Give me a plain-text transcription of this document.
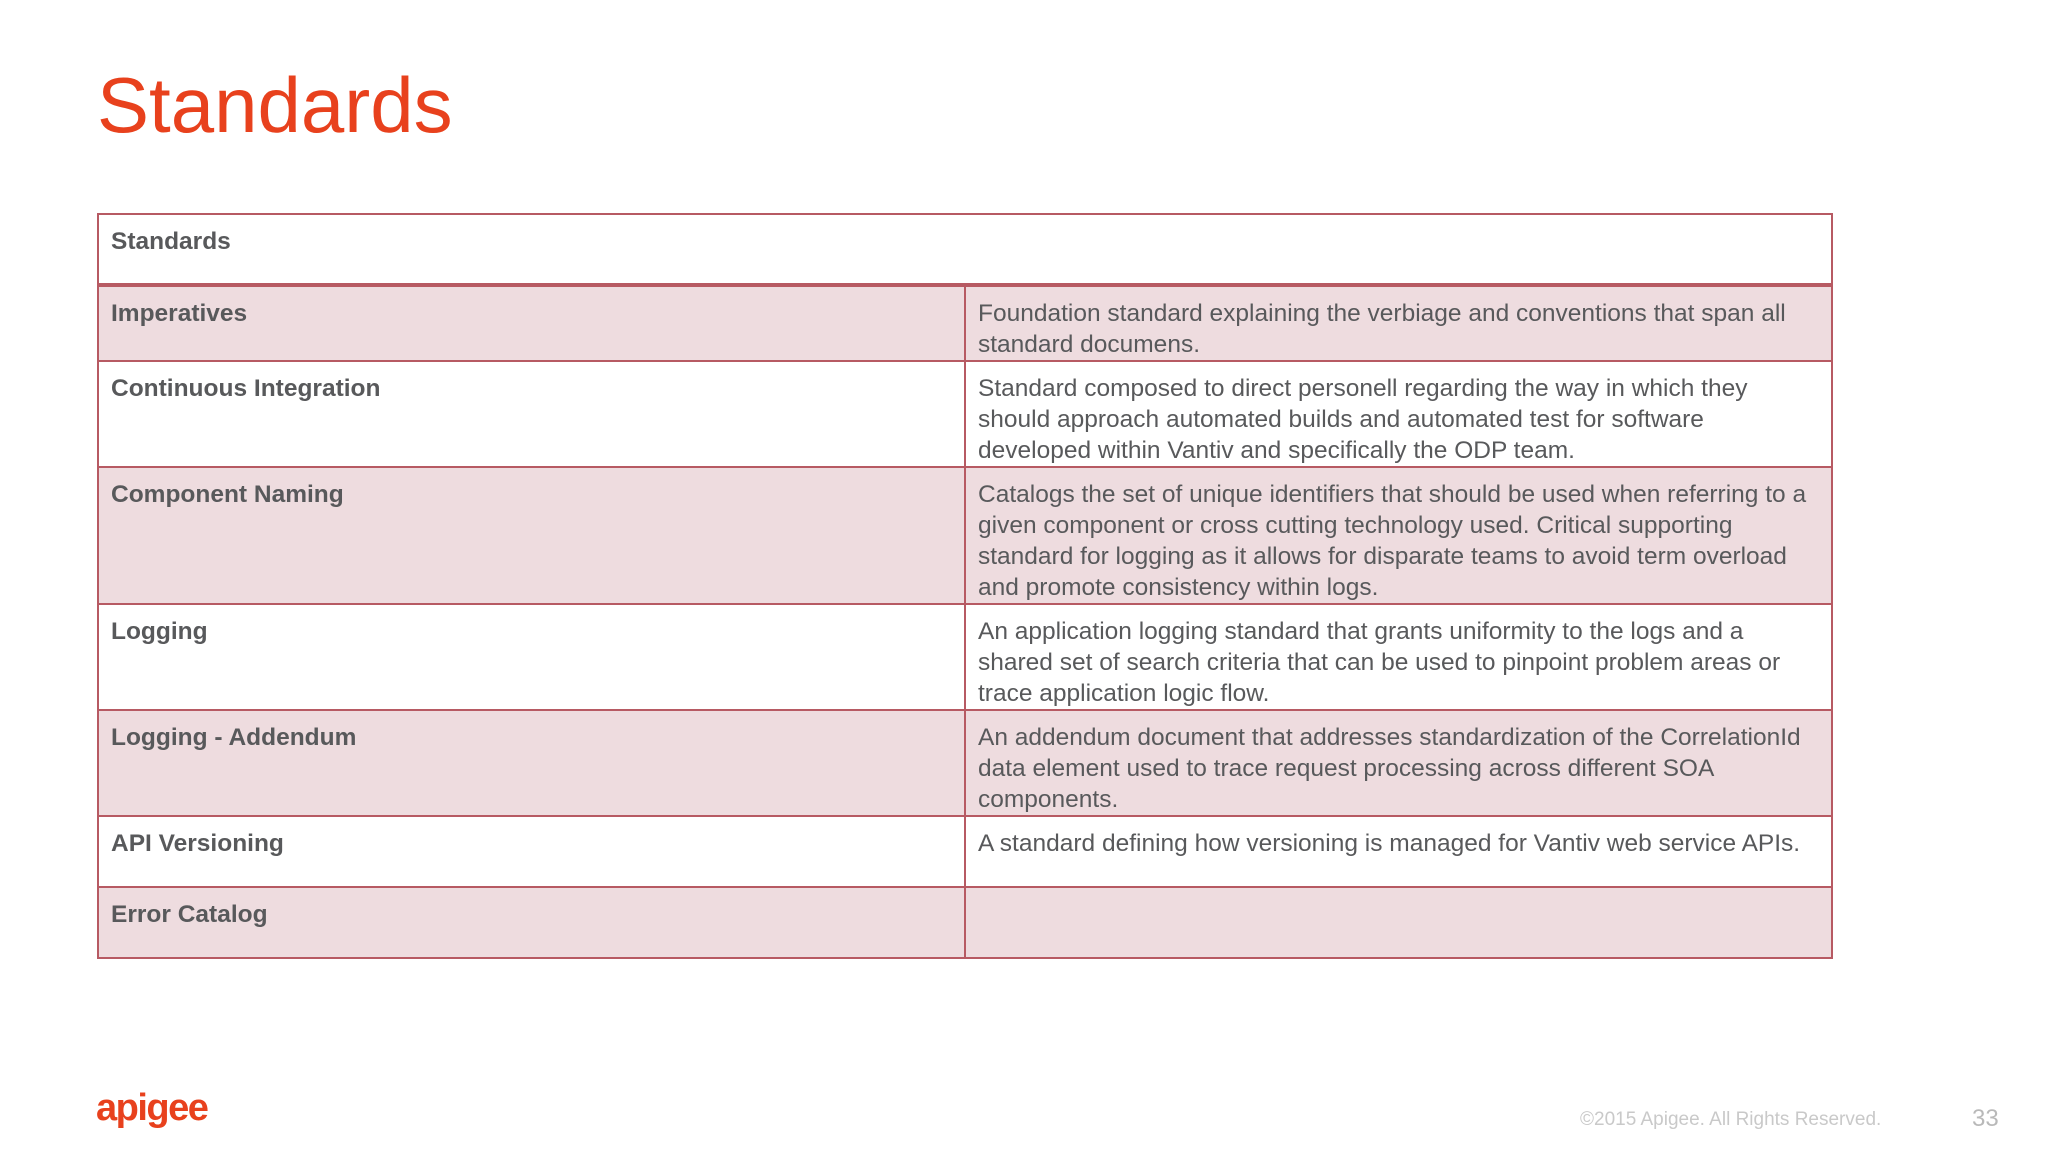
Standards
Standards	
Imperatives	Foundation standard explaining the verbiage and conventions that span all standard documens.
Continuous Integration	Standard composed to direct personell regarding the way in which they should approach automated builds and automated test for software developed within Vantiv and specifically the ODP team.
Component Naming	Catalogs the set of unique identifiers that should be used when referring to a given component or cross cutting technology used. Critical supporting standard for logging as it allows for disparate teams to avoid term overload and promote consistency within logs.
Logging	An application logging standard that grants uniformity to the logs and a shared set of search criteria that can be used to pinpoint problem areas or trace application logic flow.
Logging - Addendum	An addendum document that addresses standardization of the CorrelationId data element used to trace request processing across different SOA components.
API Versioning	A standard defining how versioning is managed for Vantiv web service APIs.
Error Catalog	
apigee	©2015 Apigee. All Rights Reserved.	33
